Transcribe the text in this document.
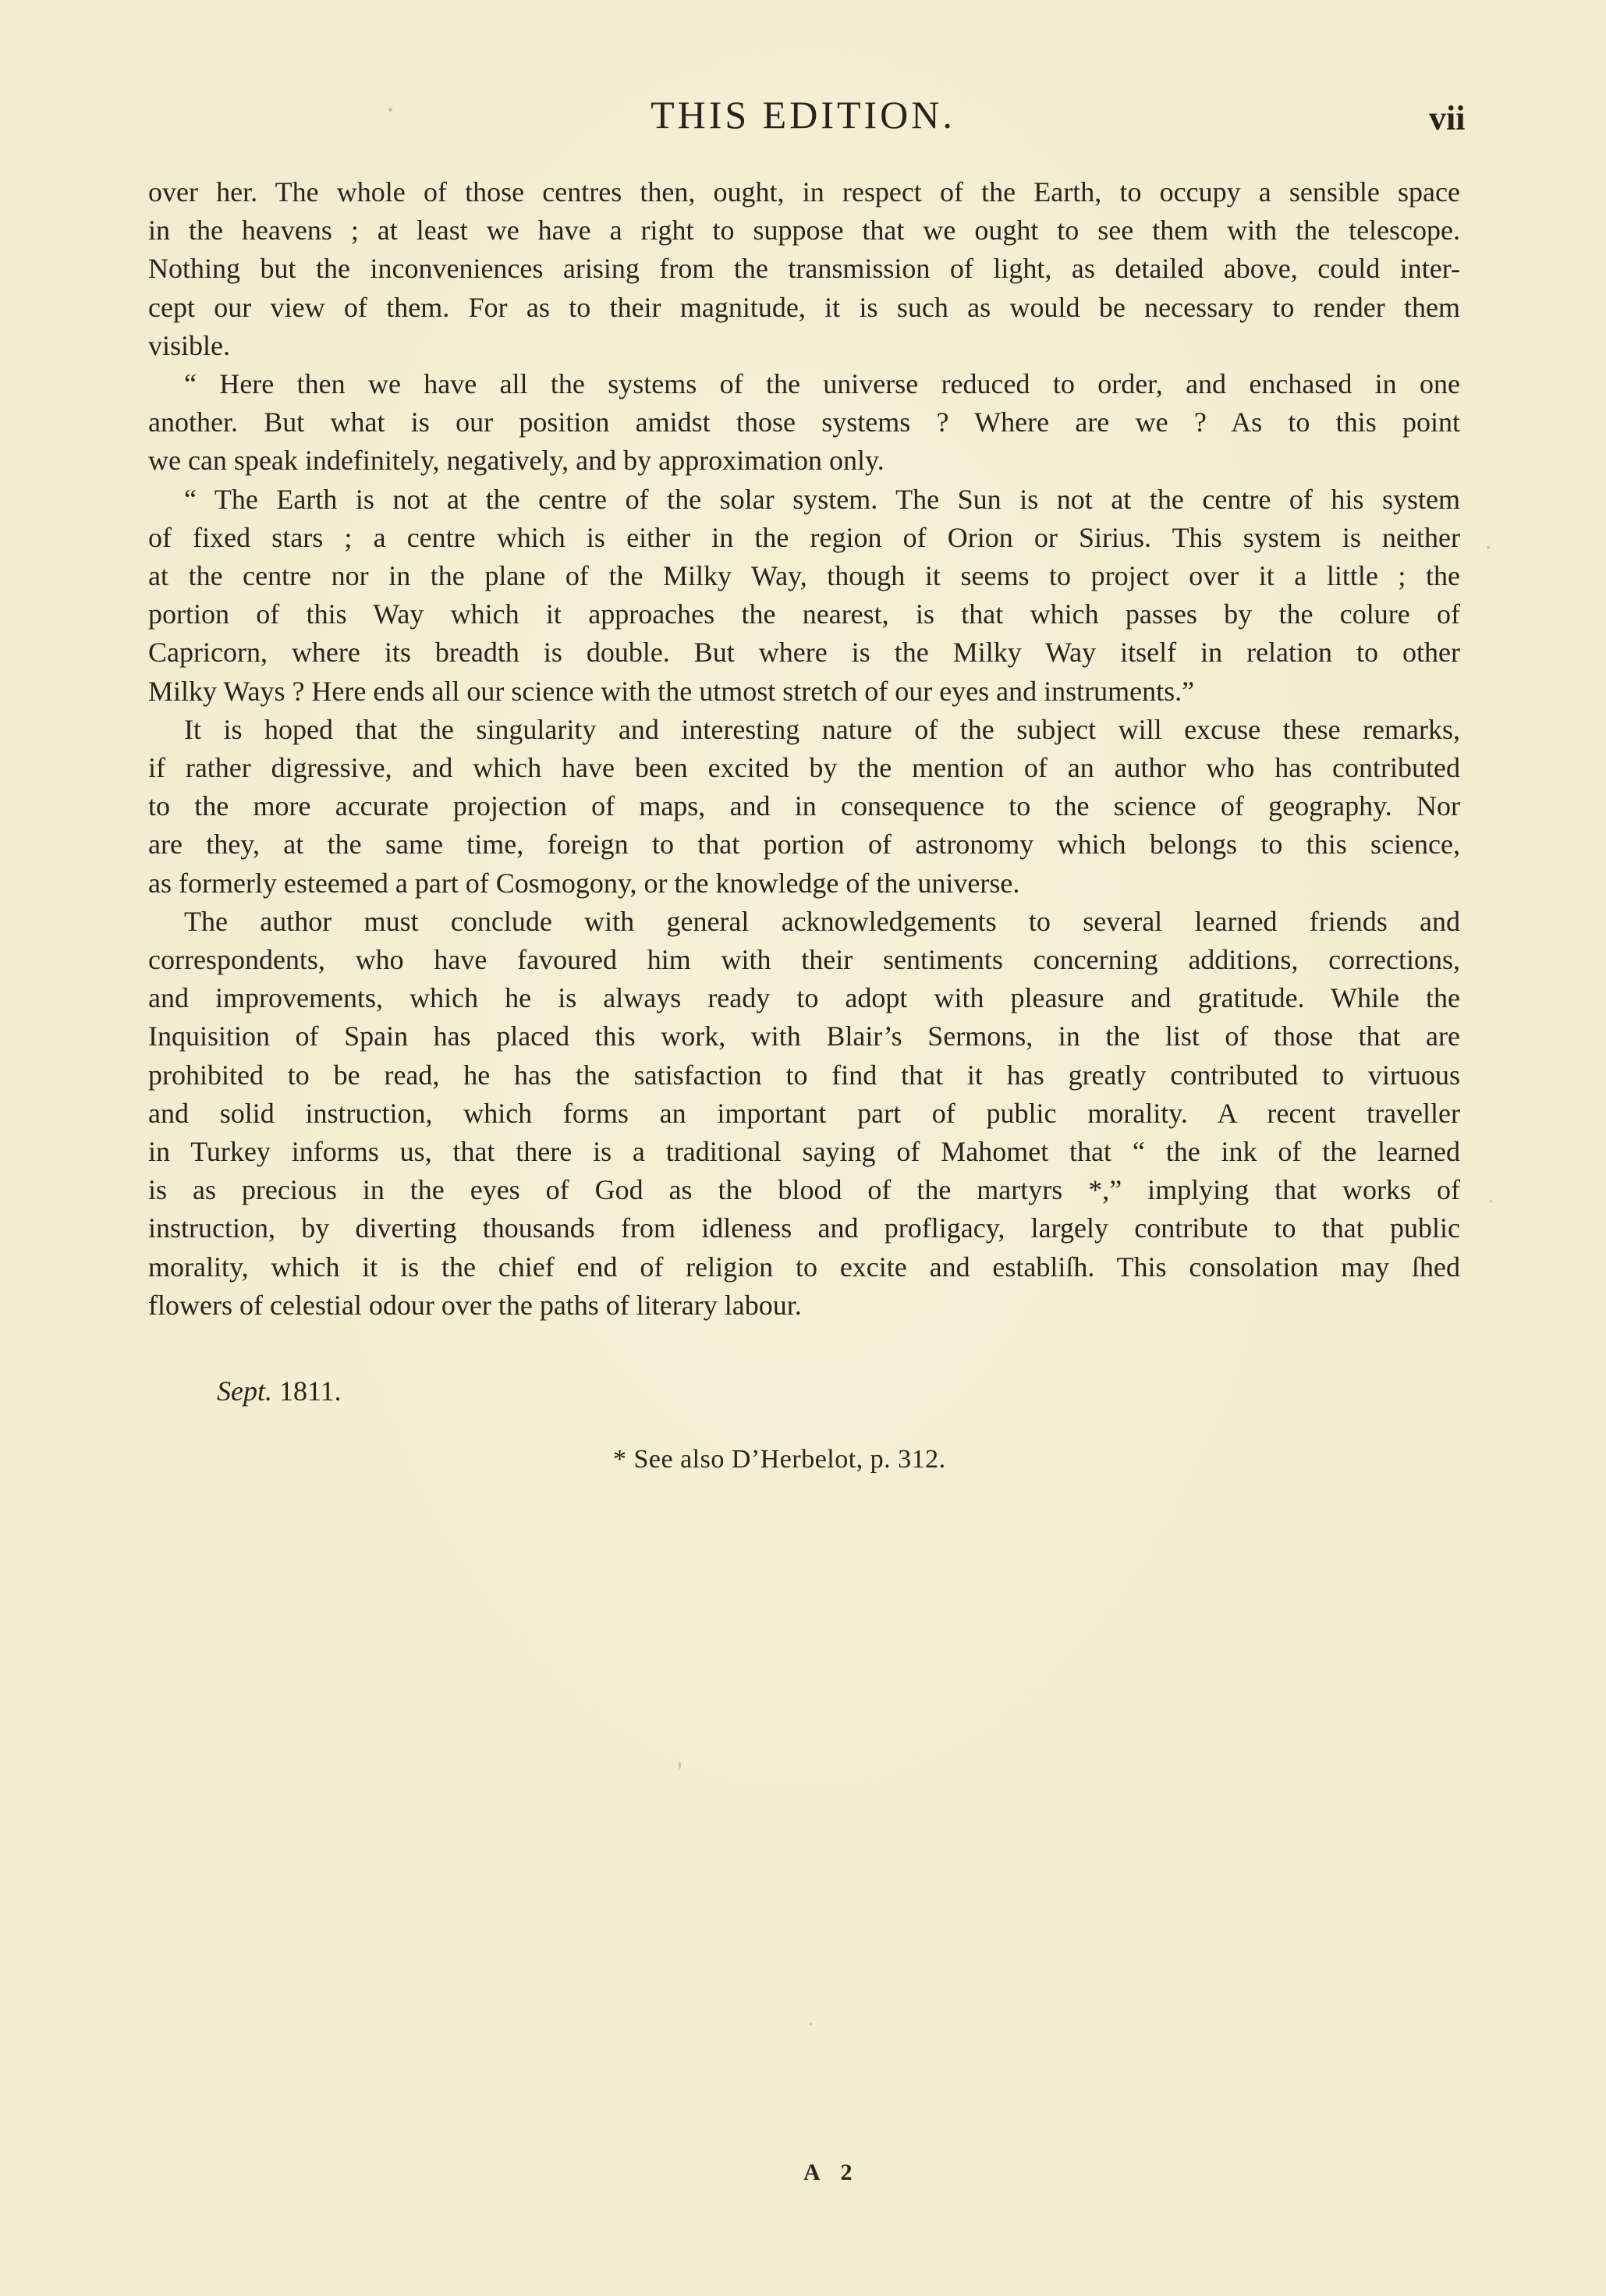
THIS EDITION.	vii

over her. The whole of those centres then, ought, in respect of the Earth, to occupy a sensible space

in the heavens ; at least we have a right to suppose that we ought to see them with the telescope.

Nothing but the inconveniences arising from the transmission of light, as detailed above, could inter-

cept our view of them. For as to their magnitude, it is such as would be necessary to render them

visible.

“ Here then we have all the systems of the universe reduced to order, and enchased in one

another. But what is our position amidst those systems ? Where are we ? As to this point

we can speak indefinitely, negatively, and by approximation only.

“ The Earth is not at the centre of the solar system. The Sun is not at the centre of his system

of fixed stars ; a centre which is either in the region of Orion or Sirius. This system is neither

at the centre nor in the plane of the Milky Way, though it seems to project over it a little ; the

portion of this Way which it approaches the nearest, is that which passes by the colure of

Capricorn, where its breadth is double. But where is the Milky Way itself in relation to other

Milky Ways ? Here ends all our science with the utmost stretch of our eyes and instruments.”

It is hoped that the singularity and interesting nature of the subject will excuse these remarks,

if rather digressive, and which have been excited by the mention of an author who has contributed

to the more accurate projection of maps, and in consequence to the science of geography. Nor

are they, at the same time, foreign to that portion of astronomy which belongs to this science,

as formerly esteemed a part of Cosmogony, or the knowledge of the universe.

The author must conclude with general acknowledgements to several learned friends and

correspondents, who have favoured him with their sentiments concerning additions, corrections,

and improvements, which he is always ready to adopt with pleasure and gratitude. While the

Inquisition of Spain has placed this work, with Blair’s Sermons, in the list of those that are

prohibited to be read, he has the satisfaction to find that it has greatly contributed to virtuous

and solid instruction, which forms an important part of public morality. A recent traveller

in Turkey informs us, that there is a traditional saying of Mahomet that “ the ink of the learned

is as precious in the eyes of God as the blood of the martyrs *,” implying that works of

instruction, by diverting thousands from idleness and profligacy, largely contribute to that public

morality, which it is the chief end of religion to excite and establiſh. This consolation may ſhed

flowers of celestial odour over the paths of literary labour.

Sept. 1811.
* See also D’Herbelot, p. 312.
A 2
